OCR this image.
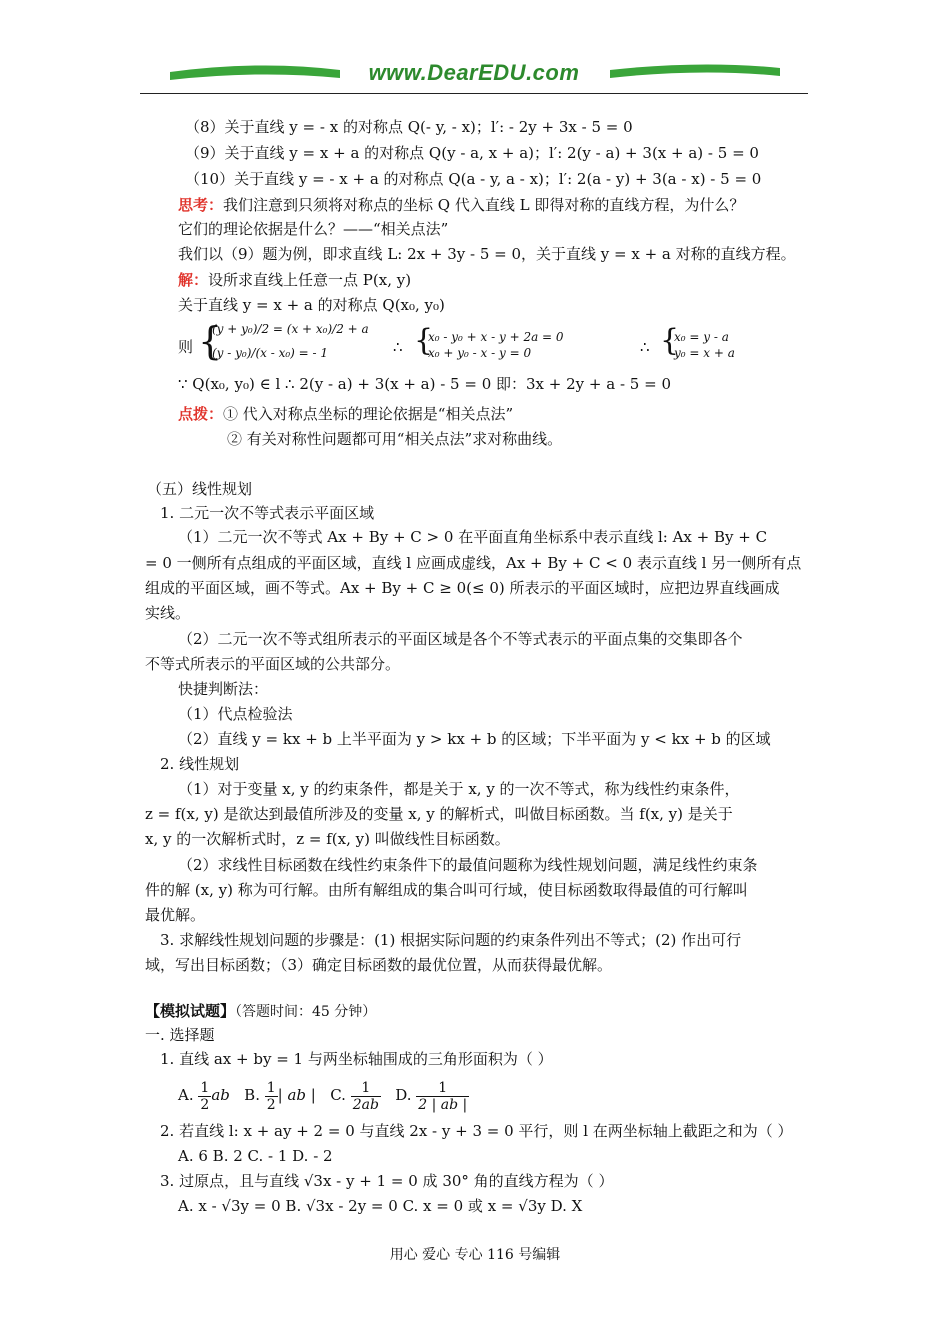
www.DearEDU.com
（8）关于直线 y = - x 的对称点 Q(- y, - x)；l′: - 2y + 3x - 5 = 0
（9）关于直线 y = x + a 的对称点 Q(y - a, x + a)；l′: 2(y - a) + 3(x + a) - 5 = 0
（10）关于直线 y = - x + a 的对称点 Q(a - y, a - x)；l′: 2(a - y) + 3(a - x) - 5 = 0
思考：我们注意到只须将对称点的坐标 Q 代入直线 L 即得对称的直线方程，为什么？
它们的理论依据是什么？——“相关点法”
我们以（9）题为例，即求直线 L: 2x + 3y - 5 = 0，关于直线 y = x + a 对称的直线方程。
解：设所求直线上任意一点 P(x, y)
关于直线 y = x + a 的对称点 Q(x₀, y₀)
则 {
(y + y₀)/2 = (x + x₀)/2 + a
(y - y₀)/(x - x₀) = - 1	∴ {
x₀ - y₀ + x - y + 2a = 0
x₀ + y₀ - x - y = 0	∴ {
x₀ = y - a
y₀ = x + a
∵ Q(x₀, y₀) ∈ l ∴ 2(y - a) + 3(x + a) - 5 = 0 即：3x + 2y + a - 5 = 0
点拨：① 代入对称点坐标的理论依据是“相关点法”
② 有关对称性问题都可用“相关点法”求对称曲线。
（五）线性规划
1. 二元一次不等式表示平面区域
（1）二元一次不等式 Ax + By + C > 0 在平面直角坐标系中表示直线 l: Ax + By + C
= 0 一侧所有点组成的平面区域，直线 l 应画成虚线，Ax + By + C < 0 表示直线 l 另一侧所有点
组成的平面区域，画不等式。Ax + By + C ≥ 0(≤ 0) 所表示的平面区域时，应把边界直线画成
实线。
（2）二元一次不等式组所表示的平面区域是各个不等式表示的平面点集的交集即各个
不等式所表示的平面区域的公共部分。
快捷判断法：
（1）代点检验法
（2）直线 y = kx + b 上半平面为 y > kx + b 的区域；下半平面为 y < kx + b 的区域
2. 线性规划
（1）对于变量 x, y 的约束条件，都是关于 x, y 的一次不等式，称为线性约束条件，
z = f(x, y) 是欲达到最值所涉及的变量 x, y 的解析式，叫做目标函数。当 f(x, y) 是关于
x, y 的一次解析式时，z = f(x, y) 叫做线性目标函数。
（2）求线性目标函数在线性约束条件下的最值问题称为线性规划问题，满足线性约束条
件的解 (x, y) 称为可行解。由所有解组成的集合叫可行域，使目标函数取得最值的可行解叫
最优解。
3. 求解线性规划问题的步骤是：(1) 根据实际问题的约束条件列出不等式；(2) 作出可行
域，写出目标函数；（3）确定目标函数的最优位置，从而获得最优解。
【模拟试题】（答题时间：45 分钟）
一. 选择题
1. 直线 ax + by = 1 与两坐标轴围成的三角形面积为（ ）
A. $\frac{1}{2}$ ab B. $\frac{1}{2}$ | ab | C. $\frac{1}{2ab} D$. $\frac{1}{2 | ab |}$
2. 若直线 l: x + ay + 2 = 0 与直线 2x - y + 3 = 0 平行，则 l 在两坐标轴上截距之和为（ ）
A. 6 B. 2 C. - 1 D. - 2
3. 过原点，且与直线 √3x - y + 1 = 0 成 30° 角的直线方程为（ ）
A. x - √3y = 0 B. √3x - 2y = 0 C. x = 0 或 x = √3y D. X
用心 爱心 专心 116 号编辑
